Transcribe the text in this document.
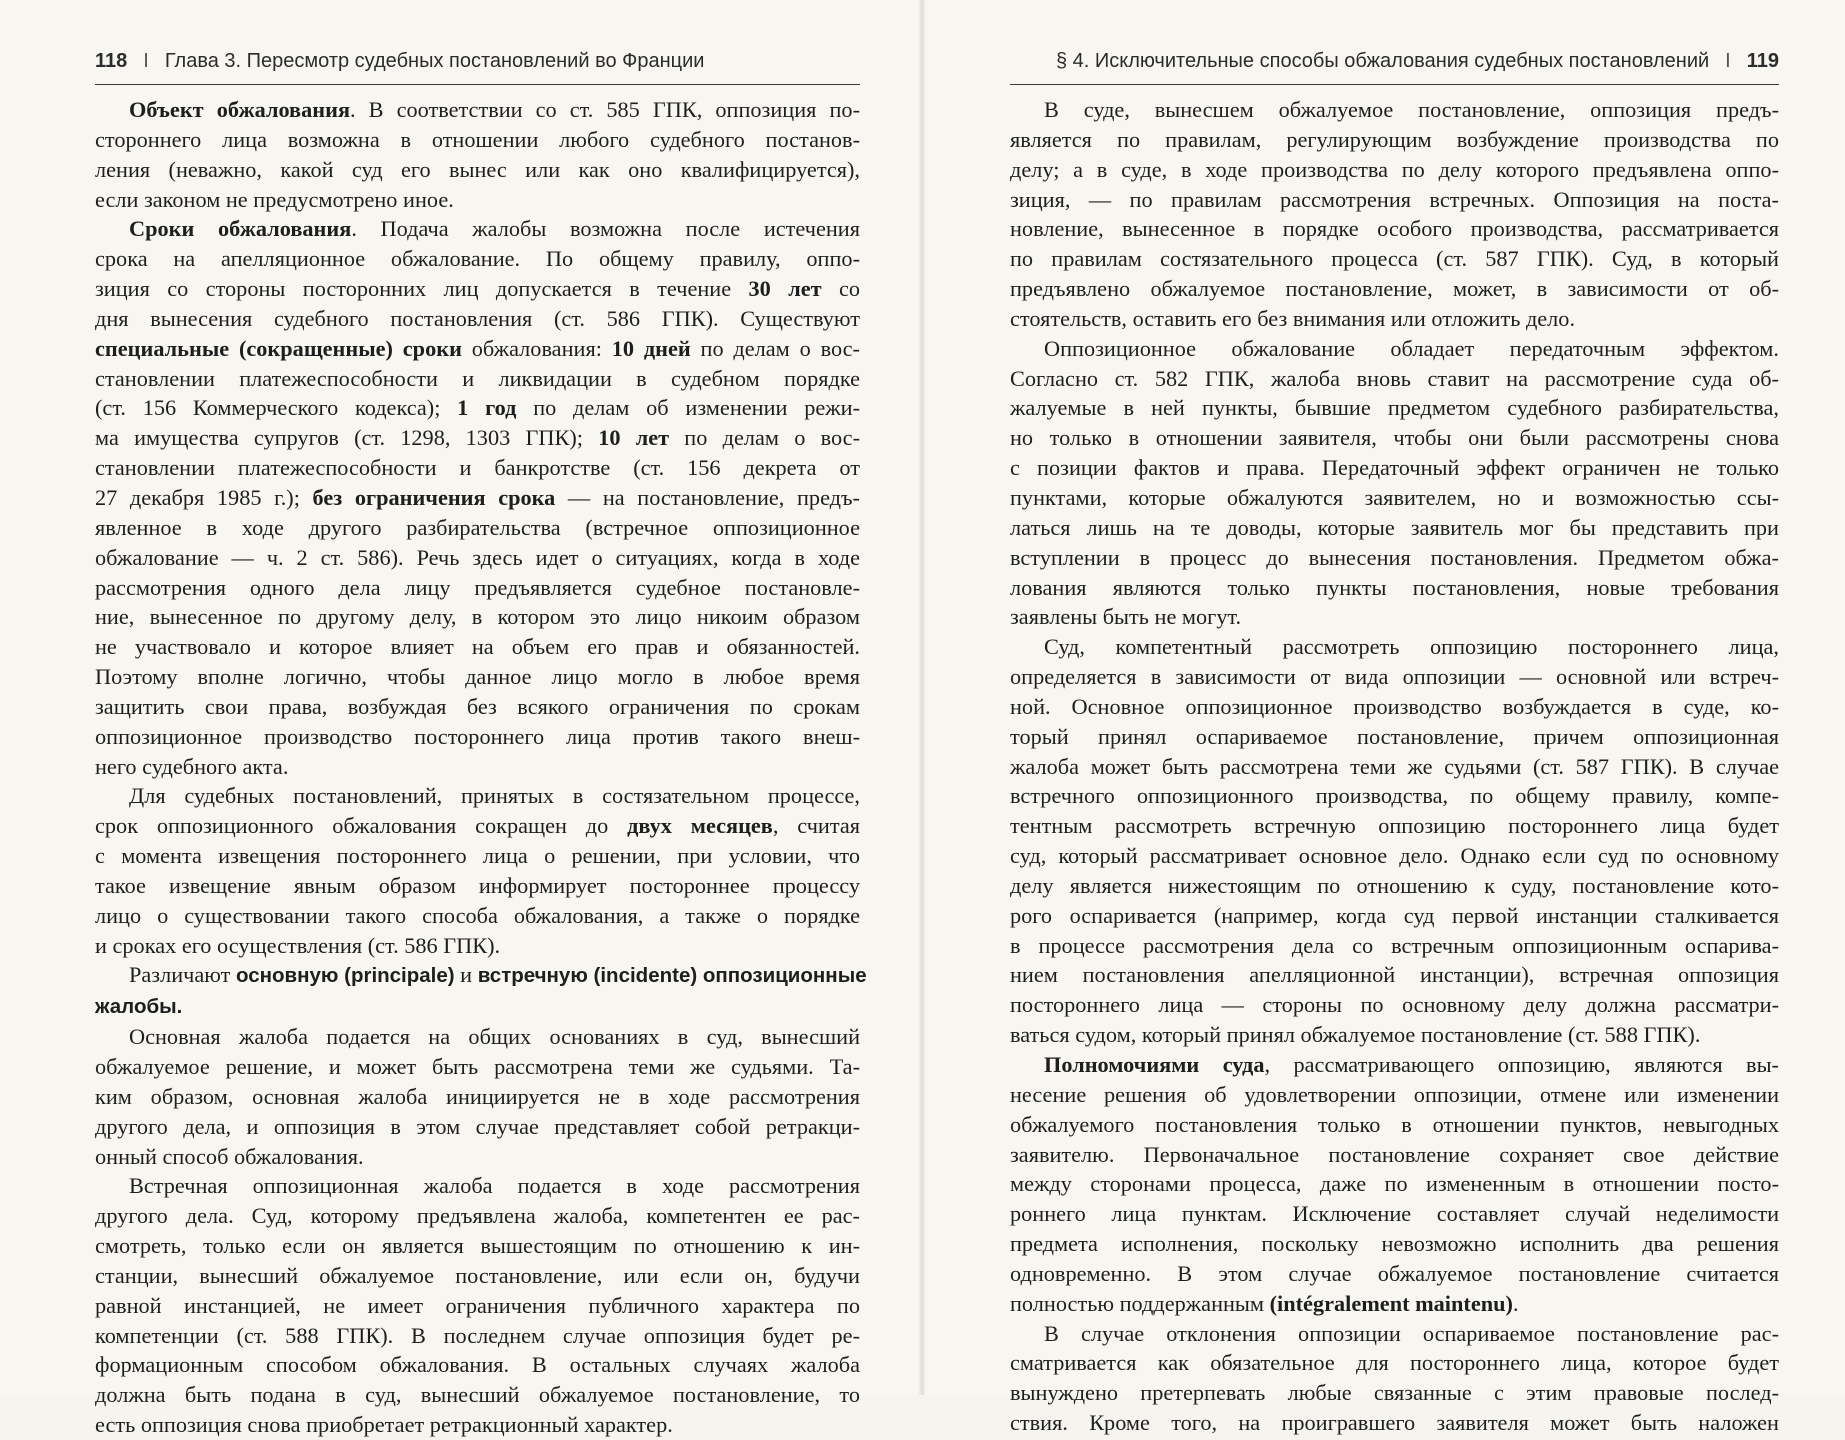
118 I Глава 3. Пересмотр судебных постановлений во Франции
Объект обжалования. В соответствии со ст. 585 ГПК, оппозиция по-
стороннего лица возможна в отношении любого судебного постанов-
ления (неважно, какой суд его вынес или как оно квалифицируется),
если законом не предусмотрено иное.
Сроки обжалования. Подача жалобы возможна после истечения
срока на апелляционное обжалование. По общему правилу, оппо-
зиция со стороны посторонних лиц допускается в течение 30 лет со
дня вынесения судебного постановления (ст. 586 ГПК). Существуют
специальные (сокращенные) сроки обжалования: 10 дней по делам о вос-
становлении платежеспособности и ликвидации в судебном порядке
(ст. 156 Коммерческого кодекса); 1 год по делам об изменении режи-
ма имущества супругов (ст. 1298, 1303 ГПК); 10 лет по делам о вос-
становлении платежеспособности и банкротстве (ст. 156 декрета от
27 декабря 1985 г.); без ограничения срока — на постановление, предъ-
явленное в ходе другого разбирательства (встречное оппозиционное
обжалование — ч. 2 ст. 586). Речь здесь идет о ситуациях, когда в ходе
рассмотрения одного дела лицу предъявляется судебное постановле-
ние, вынесенное по другому делу, в котором это лицо никоим образом
не участвовало и которое влияет на объем его прав и обязанностей.
Поэтому вполне логично, чтобы данное лицо могло в любое время
защитить свои права, возбуждая без всякого ограничения по срокам
оппозиционное производство постороннего лица против такого внеш-
него судебного акта.
Для судебных постановлений, принятых в состязательном процессе,
срок оппозиционного обжалования сокращен до двух месяцев, считая
с момента извещения постороннего лица о решении, при условии, что
такое извещение явным образом информирует постороннее процессу
лицо о существовании такого способа обжалования, а также о порядке
и сроках его осуществления (ст. 586 ГПК).
Различают основную (principale) и встречную (incidente) оппозиционные
жалобы.
Основная жалоба подается на общих основаниях в суд, вынесший
обжалуемое решение, и может быть рассмотрена теми же судьями. Та-
ким образом, основная жалоба инициируется не в ходе рассмотрения
другого дела, и оппозиция в этом случае представляет собой ретракци-
онный способ обжалования.
Встречная оппозиционная жалоба подается в ходе рассмотрения
другого дела. Суд, которому предъявлена жалоба, компетентен ее рас-
смотреть, только если он является вышестоящим по отношению к ин-
станции, вынесший обжалуемое постановление, или если он, будучи
равной инстанцией, не имеет ограничения публичного характера по
компетенции (ст. 588 ГПК). В последнем случае оппозиция будет ре-
формационным способом обжалования. В остальных случаях жалоба
должна быть подана в суд, вынесший обжалуемое постановление, то
есть оппозиция снова приобретает ретракционный характер.
§ 4. Исключительные способы обжалования судебных постановлений I 119
В суде, вынесшем обжалуемое постановление, оппозиция предъ-
является по правилам, регулирующим возбуждение производства по
делу; а в суде, в ходе производства по делу которого предъявлена оппо-
зиция, — по правилам рассмотрения встречных. Оппозиция на поста-
новление, вынесенное в порядке особого производства, рассматривается
по правилам состязательного процесса (ст. 587 ГПК). Суд, в который
предъявлено обжалуемое постановление, может, в зависимости от об-
стоятельств, оставить его без внимания или отложить дело.
Оппозиционное обжалование обладает передаточным эффектом.
Согласно ст. 582 ГПК, жалоба вновь ставит на рассмотрение суда об-
жалуемые в ней пункты, бывшие предметом судебного разбирательства,
но только в отношении заявителя, чтобы они были рассмотрены снова
с позиции фактов и права. Передаточный эффект ограничен не только
пунктами, которые обжалуются заявителем, но и возможностью ссы-
латься лишь на те доводы, которые заявитель мог бы представить при
вступлении в процесс до вынесения постановления. Предметом обжа-
лования являются только пункты постановления, новые требования
заявлены быть не могут.
Суд, компетентный рассмотреть оппозицию постороннего лица,
определяется в зависимости от вида оппозиции — основной или встреч-
ной. Основное оппозиционное производство возбуждается в суде, ко-
торый принял оспариваемое постановление, причем оппозиционная
жалоба может быть рассмотрена теми же судьями (ст. 587 ГПК). В случае
встречного оппозиционного производства, по общему правилу, компе-
тентным рассмотреть встречную оппозицию постороннего лица будет
суд, который рассматривает основное дело. Однако если суд по основному
делу является нижестоящим по отношению к суду, постановление кото-
рого оспаривается (например, когда суд первой инстанции сталкивается
в процессе рассмотрения дела со встречным оппозиционным оспарива-
нием постановления апелляционной инстанции), встречная оппозиция
постороннего лица — стороны по основному делу должна рассматри-
ваться судом, который принял обжалуемое постановление (ст. 588 ГПК).
Полномочиями суда, рассматривающего оппозицию, являются вы-
несение решения об удовлетворении оппозиции, отмене или изменении
обжалуемого постановления только в отношении пунктов, невыгодных
заявителю. Первоначальное постановление сохраняет свое действие
между сторонами процесса, даже по измененным в отношении посто-
роннего лица пунктам. Исключение составляет случай неделимости
предмета исполнения, поскольку невозможно исполнить два решения
одновременно. В этом случае обжалуемое постановление считается
полностью поддержанным (intégralement maintenu).
В случае отклонения оппозиции оспариваемое постановление рас-
сматривается как обязательное для постороннего лица, которое будет
вынуждено претерпевать любые связанные с этим правовые послед-
ствия. Кроме того, на проигравшего заявителя может быть наложен
